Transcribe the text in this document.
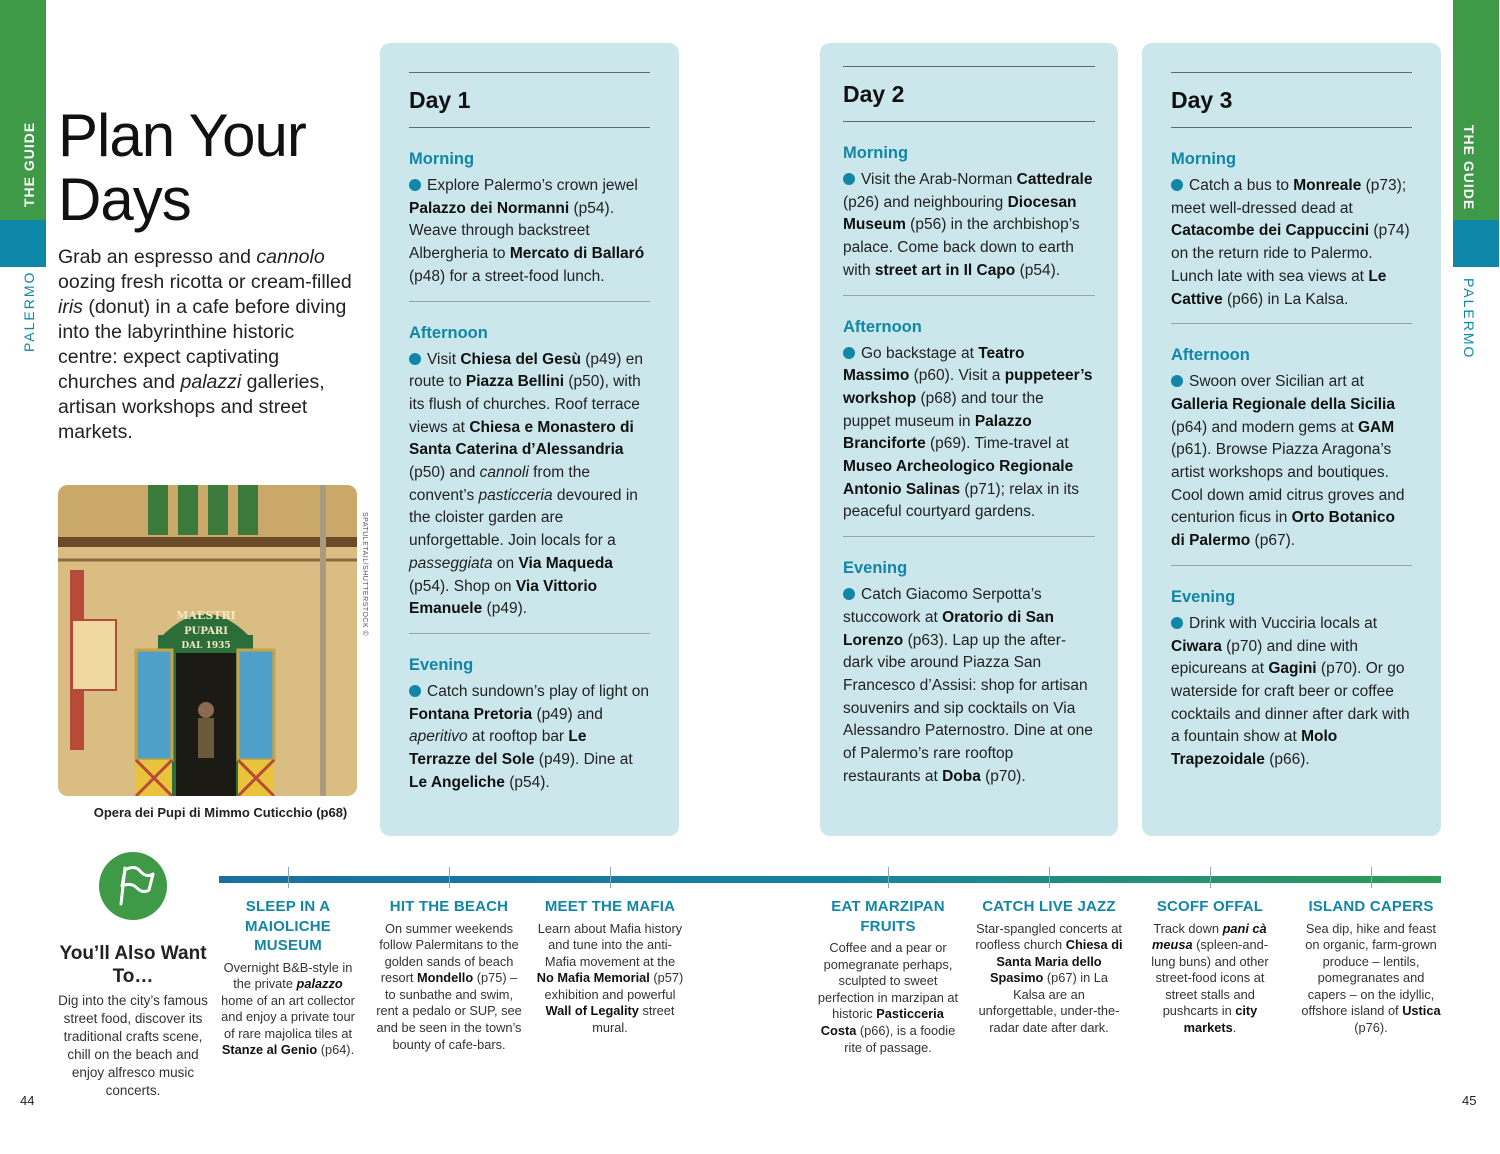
THE GUIDE
PALERMO
THE GUIDE
PALERMO
Plan Your
Days

Grab an espresso and cannolo oozing fresh ricotta or cream-filled iris (donut) in a cafe before diving into the labyrinthine historic centre: expect captivating churches and palazzi galleries, artisan workshops and street markets.

MAESTRI
PUPARI
DAL 1935
SPATULETAIL/SHUTTERSTOCK ©
Opera dei Pupi di Mimmo Cuticchio (p68)
Day 1
Morning
Explore Palermo’s crown jewel Palazzo dei Normanni (p54). Weave through backstreet Albergheria to Mercato di Ballaró (p48) for a street-food lunch.
Afternoon
Visit Chiesa del Gesù (p49) en route to Piazza Bellini (p50), with its flush of churches. Roof terrace views at Chiesa e Monastero di Santa Caterina d’Alessandria (p50) and cannoli from the convent’s pasticceria devoured in the cloister garden are unforgettable. Join locals for a passeggiata on Via Maqueda (p54). Shop on Via Vittorio Emanuele (p49).
Evening
Catch sundown’s play of light on Fontana Pretoria (p49) and aperitivo at rooftop bar Le Terrazze del Sole (p49). Dine at Le Angeliche (p54).
Day 2
Morning
Visit the Arab-Norman Cattedrale (p26) and neighbouring Diocesan Museum (p56) in the archbishop’s palace. Come back down to earth with street art in Il Capo (p54).
Afternoon
Go backstage at Teatro Massimo (p60). Visit a puppeteer’s workshop (p68) and tour the puppet museum in Palazzo Branciforte (p69). Time-travel at Museo Archeologico Regionale Antonio Salinas (p71); relax in its peaceful courtyard gardens.
Evening
Catch Giacomo Serpotta’s stuccowork at Oratorio di San Lorenzo (p63). Lap up the after-dark vibe around Piazza San Francesco d’Assisi: shop for artisan souvenirs and sip cocktails on Via Alessandro Paternostro. Dine at one of Palermo’s rare rooftop restaurants at Doba (p70).
Day 3
Morning
Catch a bus to Monreale (p73); meet well-dressed dead at Catacombe dei Cappuccini (p74) on the return ride to Palermo. Lunch late with sea views at Le Cattive (p66) in La Kalsa.
Afternoon
Swoon over Sicilian art at Galleria Regionale della Sicilia (p64) and modern gems at GAM (p61). Browse Piazza Aragona’s artist workshops and boutiques. Cool down amid citrus groves and centurion ficus in Orto Botanico di Palermo (p67).
Evening
Drink with Vucciria locals at Ciwara (p70) and dine with epicureans at Gagini (p70). Or go waterside for craft beer or coffee cocktails and dinner after dark with a fountain show at Molo Trapezoidale (p66).
You’ll Also Want To…
Dig into the city’s famous street food, discover its traditional crafts scene, chill on the beach and enjoy alfresco music concerts.
SLEEP IN A MAIOLICHE MUSEUM
Overnight B&B-style in the private palazzo home of an art collector and enjoy a private tour of rare majolica tiles at Stanze al Genio (p64).
HIT THE BEACH
On summer weekends follow Palermitans to the golden sands of beach resort Mondello (p75) – to sunbathe and swim, rent a pedalo or SUP, see and be seen in the town’s bounty of cafe-bars.
MEET THE MAFIA
Learn about Mafia history and tune into the anti-Mafia movement at the No Mafia Memorial (p57) exhibition and powerful Wall of Legality street mural.
EAT MARZIPAN FRUITS
Coffee and a pear or pomegranate perhaps, sculpted to sweet perfection in marzipan at historic Pasticceria Costa (p66), is a foodie rite of passage.
CATCH LIVE JAZZ
Star-spangled concerts at roofless church Chiesa di Santa Maria dello Spasimo (p67) in La Kalsa are an unforgettable, under-the-radar date after dark.
SCOFF OFFAL
Track down pani cà meusa (spleen-and-lung buns) and other street-food icons at street stalls and pushcarts in city markets.
ISLAND CAPERS
Sea dip, hike and feast on organic, farm-grown produce – lentils, pomegranates and capers – on the idyllic, offshore island of Ustica (p76).
44	45
